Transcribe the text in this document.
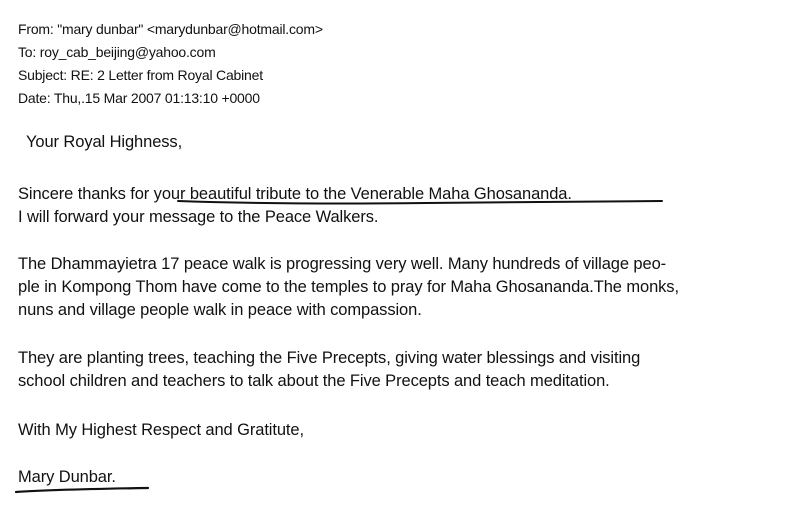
From: "mary dunbar" <marydunbar@hotmail.com>
To: roy_cab_beijing@yahoo.com
Subject: RE: 2 Letter from Royal Cabinet
Date: Thu,.15 Mar 2007 01:13:10 +0000
Your Royal Highness,
Sincere thanks for your beautiful tribute to the Venerable Maha Ghosananda.
I will forward your message to the Peace Walkers.
The Dhammayietra 17 peace walk is progressing very well. Many hundreds of village peo-
ple in Kompong Thom have come to the temples to pray for Maha Ghosananda.The monks,
nuns and village people walk in peace with compassion.
They are planting trees, teaching the Five Precepts, giving water blessings and visiting
school children and teachers to talk about the Five Precepts and teach meditation.
With My Highest Respect and Gratitute,
Mary Dunbar.
